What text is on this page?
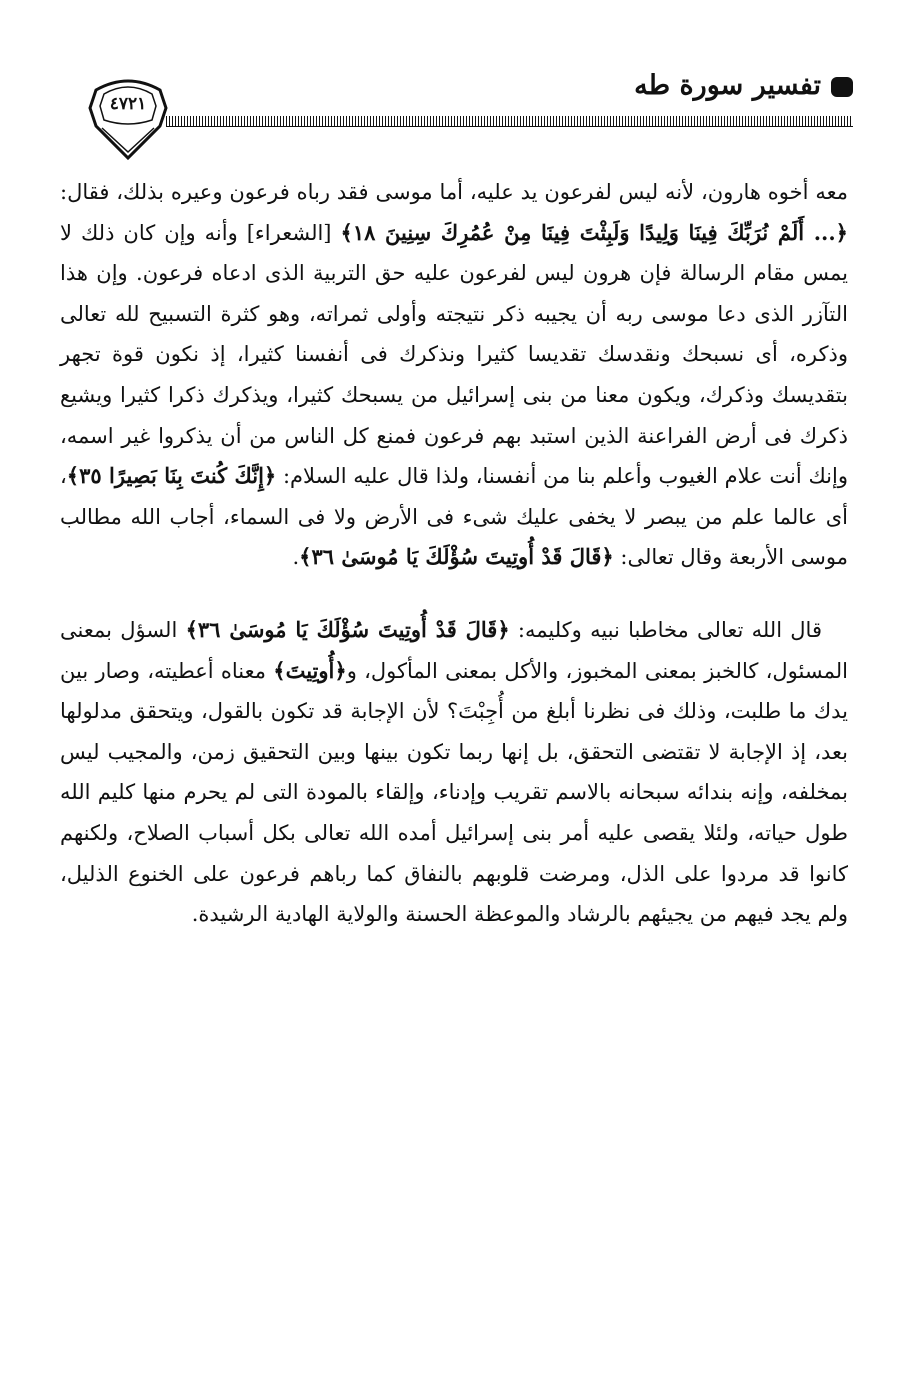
٤٧٢١
تفسير سورة طه

معه أخوه هارون، لأنه ليس لفرعون يد عليه، أما موسى فقد رباه فرعون وعيره بذلك، فقال: ﴿... أَلَمْ نُرَبِّكَ فِينَا وَلِيدًا وَلَبِثْتَ فِينَا مِنْ عُمُرِكَ سِنِينَ ١٨﴾ [الشعراء] وأنه وإن كان ذلك لا يمس مقام الرسالة فإن هرون ليس لفرعون عليه حق التربية الذى ادعاه فرعون. وإن هذا التآزر الذى دعا موسى ربه أن يجيبه ذكر نتيجته وأولى ثمراته، وهو كثرة التسبيح لله تعالى وذكره، أى نسبحك ونقدسك تقديسا كثيرا ونذكرك فى أنفسنا كثيرا، إذ نكون قوة تجهر بتقديسك وذكرك، ويكون معنا من بنى إسرائيل من يسبحك كثيرا، ويذكرك ذكرا كثيرا ويشيع ذكرك فى أرض الفراعنة الذين استبد بهم فرعون فمنع كل الناس من أن يذكروا غير اسمه، وإنك أنت علام الغيوب وأعلم بنا من أنفسنا، ولذا قال عليه السلام: ﴿إِنَّكَ كُنتَ بِنَا بَصِيرًا ٣٥﴾، أى عالما علم من يبصر لا يخفى عليك شىء فى الأرض ولا فى السماء، أجاب الله مطالب موسى الأربعة وقال تعالى: ﴿قَالَ قَدْ أُوتِيتَ سُؤْلَكَ يَا مُوسَىٰ ٣٦﴾.

قال الله تعالى مخاطبا نبيه وكليمه: ﴿قَالَ قَدْ أُوتِيتَ سُؤْلَكَ يَا مُوسَىٰ ٣٦﴾ السؤل بمعنى المسئول، كالخبز بمعنى المخبوز، والأكل بمعنى المأكول، و﴿أُوتِيتَ﴾ معناه أعطيته، وصار بين يدك ما طلبت، وذلك فى نظرنا أبلغ من أُجِبْتَ؟ لأن الإجابة قد تكون بالقول، ويتحقق مدلولها بعد، إذ الإجابة لا تقتضى التحقق، بل إنها ربما تكون بينها وبين التحقيق زمن، والمجيب ليس بمخلفه، وإنه بندائه سبحانه بالاسم تقريب وإدناء، وإلقاء بالمودة التى لم يحرم منها كليم الله طول حياته، ولئلا يقصى عليه أمر بنى إسرائيل أمده الله تعالى بكل أسباب الصلاح، ولكنهم كانوا قد مردوا على الذل، ومرضت قلوبهم بالنفاق كما رباهم فرعون على الخنوع الذليل، ولم يجد فيهم من يجيئهم بالرشاد والموعظة الحسنة والولاية الهادية الرشيدة.
